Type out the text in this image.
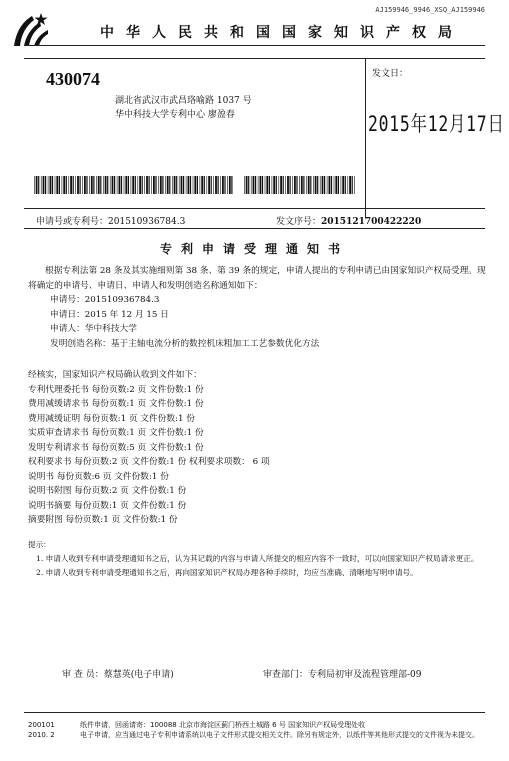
AJ159946_9946_XSQ_AJ159946
中华人民共和国国家知识产权局
430074
湖北省武汉市武昌珞喻路 1037 号
华中科技大学专利中心 廖盈春
发文日：
2015年12月17日
申请号或专利号：201510936784.3	发文序号：2015121700422220
专利申请受理通知书

根据专利法第 28 条及其实施细则第 38 条、第 39 条的规定，申请人提出的专利申请已由国家知识产权局受理。现将确定的申请号、申请日、申请人和发明创造名称通知如下：

申请号：201510936784.3

申请日：2015 年 12 月 15 日

申请人：华中科技大学

发明创造名称：基于主轴电流分析的数控机床粗加工工艺参数优化方法

经核实，国家知识产权局确认收到文件如下：
专利代理委托书 每份页数:2 页 文件份数:1 份
费用减缓请求书 每份页数:1 页 文件份数:1 份
费用减缓证明 每份页数:1 页 文件份数:1 份
实质审查请求书 每份页数:1 页 文件份数:1 份
发明专利请求书 每份页数:5 页 文件份数:1 份
权利要求书 每份页数:2 页 文件份数:1 份 权利要求项数： 6 项
说明书 每份页数:6 页 文件份数:1 份
说明书附图 每份页数:2 页 文件份数:1 份
说明书摘要 每份页数:1 页 文件份数:1 份
摘要附图 每份页数:1 页 文件份数:1 份

提示：

1. 申请人收到专利申请受理通知书之后，认为其记载的内容与申请人所提交的相应内容不一致时，可以向国家知识产权局请求更正。

2. 申请人收到专利申请受理通知书之后，再向国家知识产权局办理各种手续时，均应当准确、清晰地写明申请号。

审 查 员：蔡慧英(电子申请)	审查部门：专利局初审及流程管理部-09
200101	纸件申请，回函请寄：100088 北京市海淀区蓟门桥西土城路 6 号 国家知识产权局受理处收
2010. 2	电子申请，应当通过电子专利申请系统以电子文件形式提交相关文件。除另有规定外，以纸件等其他形式提交的文件视为未提交。
